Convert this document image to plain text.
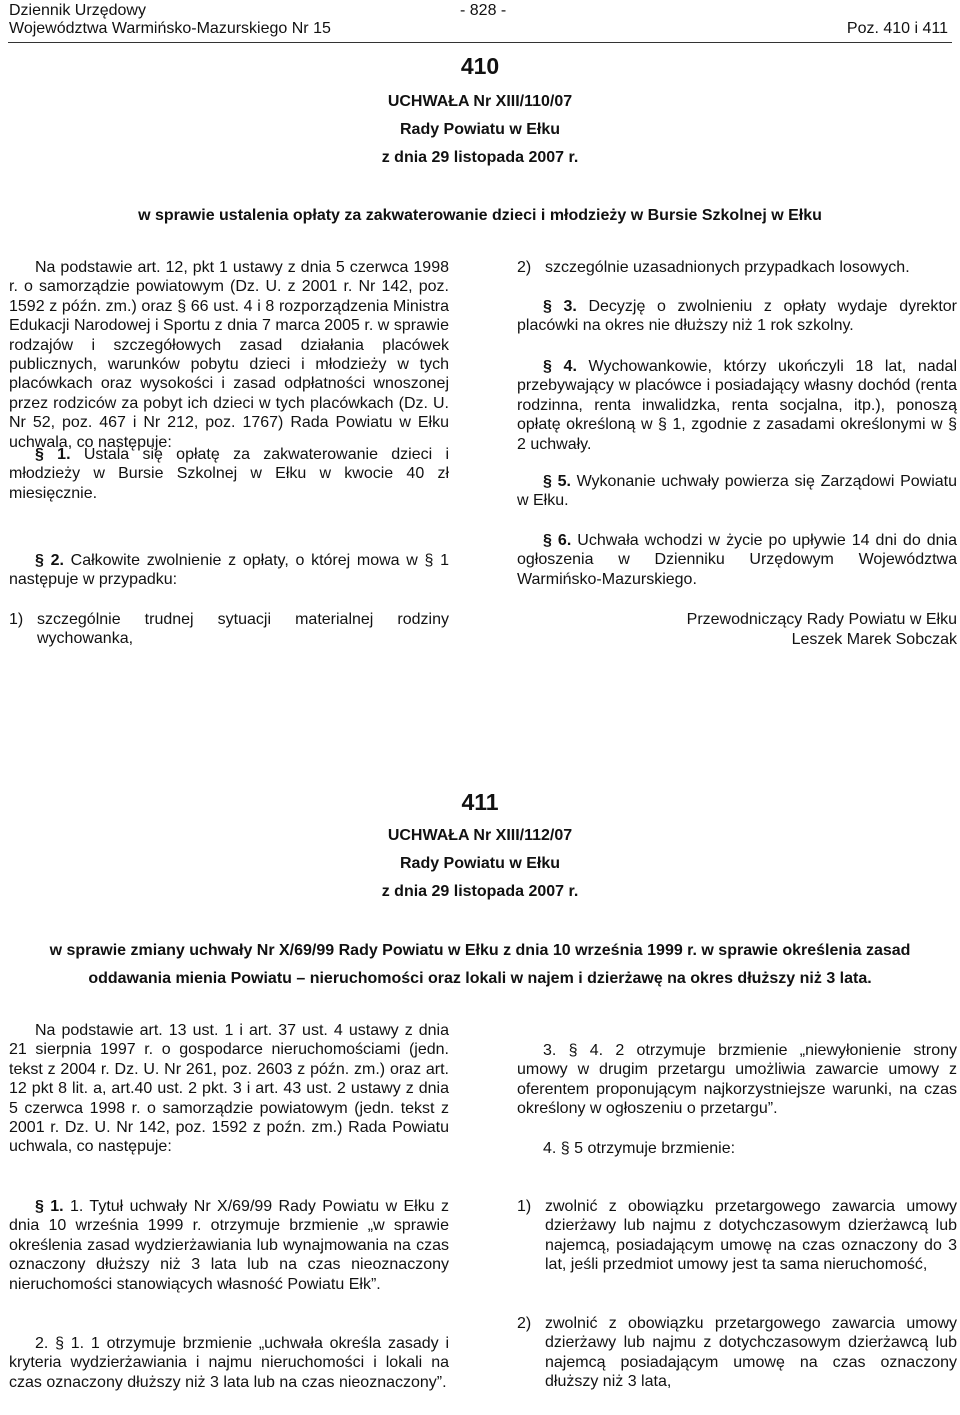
Dziennik Urzędowy
Województwa Warmińsko-Mazurskiego Nr 15
- 828 -
Poz. 410 i 411
410
UCHWAŁA Nr XIII/110/07
Rady Powiatu w Ełku
z dnia 29 listopada 2007 r.
w sprawie ustalenia opłaty za zakwaterowanie dzieci i młodzieży w Bursie Szkolnej w Ełku
Na podstawie art. 12, pkt 1 ustawy z dnia 5 czerwca 1998 r. o samorządzie powiatowym (Dz. U. z 2001 r. Nr 142, poz. 1592 z późn. zm.) oraz § 66 ust. 4 i 8 rozporządzenia Ministra Edukacji Narodowej i Sportu z dnia 7 marca 2005 r. w sprawie rodzajów i szczegółowych zasad działania placówek publicznych, warunków pobytu dzieci i młodzieży w tych placówkach oraz wysokości i zasad odpłatności wnoszonej przez rodziców za pobyt ich dzieci w tych placówkach (Dz. U. Nr 52, poz. 467 i Nr 212, poz. 1767) Rada Powiatu w Ełku uchwala, co następuje:
§ 1. Ustala się opłatę za zakwaterowanie dzieci i młodzieży w Bursie Szkolnej w Ełku w kwocie 40 zł miesięcznie.
§ 2. Całkowite zwolnienie z opłaty, o której mowa w § 1 następuje w przypadku:
1) szczególnie trudnej sytuacji materialnej rodziny wychowanka,
2) szczególnie uzasadnionych przypadkach losowych.
§ 3. Decyzję o zwolnieniu z opłaty wydaje dyrektor placówki na okres nie dłuższy niż 1 rok szkolny.
§ 4. Wychowankowie, którzy ukończyli 18 lat, nadal przebywający w placówce i posiadający własny dochód (renta rodzinna, renta inwalidzka, renta socjalna, itp.), ponoszą opłatę określoną w § 1, zgodnie z zasadami określonymi w § 2 uchwały.
§ 5. Wykonanie uchwały powierza się Zarządowi Powiatu w Ełku.
§ 6. Uchwała wchodzi w życie po upływie 14 dni do dnia ogłoszenia w Dzienniku Urzędowym Województwa Warmińsko-Mazurskiego.
Przewodniczący Rady Powiatu w Ełku
Leszek Marek Sobczak
411
UCHWAŁA Nr XIII/112/07
Rady Powiatu w Ełku
z dnia 29 listopada 2007 r.
w sprawie zmiany uchwały Nr X/69/99 Rady Powiatu w Ełku z dnia 10 września 1999 r. w sprawie określenia zasad
oddawania mienia Powiatu – nieruchomości oraz lokali w najem i dzierżawę na okres dłuższy niż 3 lata.
Na podstawie art. 13 ust. 1 i art. 37 ust. 4 ustawy z dnia 21 sierpnia 1997 r. o gospodarce nieruchomościami (jedn. tekst z 2004 r. Dz. U. Nr 261, poz. 2603 z późn. zm.) oraz art. 12 pkt 8 lit. a, art.40 ust. 2 pkt. 3 i art. 43 ust. 2 ustawy z dnia 5 czerwca 1998 r. o samorządzie powiatowym (jedn. tekst z 2001 r. Dz. U. Nr 142, poz. 1592 z poźn. zm.) Rada Powiatu uchwala, co następuje:
§ 1. 1. Tytuł uchwały Nr X/69/99 Rady Powiatu w Ełku z dnia 10 września 1999 r. otrzymuje brzmienie „w sprawie określenia zasad wydzierżawiania lub wynajmowania na czas oznaczony dłuższy niż 3 lata lub na czas nieoznaczony nieruchomości stanowiących własność Powiatu Ełk”.
2. § 1. 1 otrzymuje brzmienie „uchwała określa zasady i kryteria wydzierżawiania i najmu nieruchomości i lokali na czas oznaczony dłuższy niż 3 lata lub na czas nieoznaczony”.
3. § 4. 2 otrzymuje brzmienie „niewyłonienie strony umowy w drugim przetargu umożliwia zawarcie umowy z oferentem proponującym najkorzystniejsze warunki, na czas określony w ogłoszeniu o przetargu”.
4. § 5 otrzymuje brzmienie:
1) zwolnić z obowiązku przetargowego zawarcia umowy dzierżawy lub najmu z dotychczasowym dzierżawcą lub najemcą, posiadającym umowę na czas oznaczony do 3 lat, jeśli przedmiot umowy jest ta sama nieruchomość,
2) zwolnić z obowiązku przetargowego zawarcia umowy dzierżawy lub najmu z dotychczasowym dzierżawcą lub najemcą posiadającym umowę na czas oznaczony dłuższy niż 3 lata,
